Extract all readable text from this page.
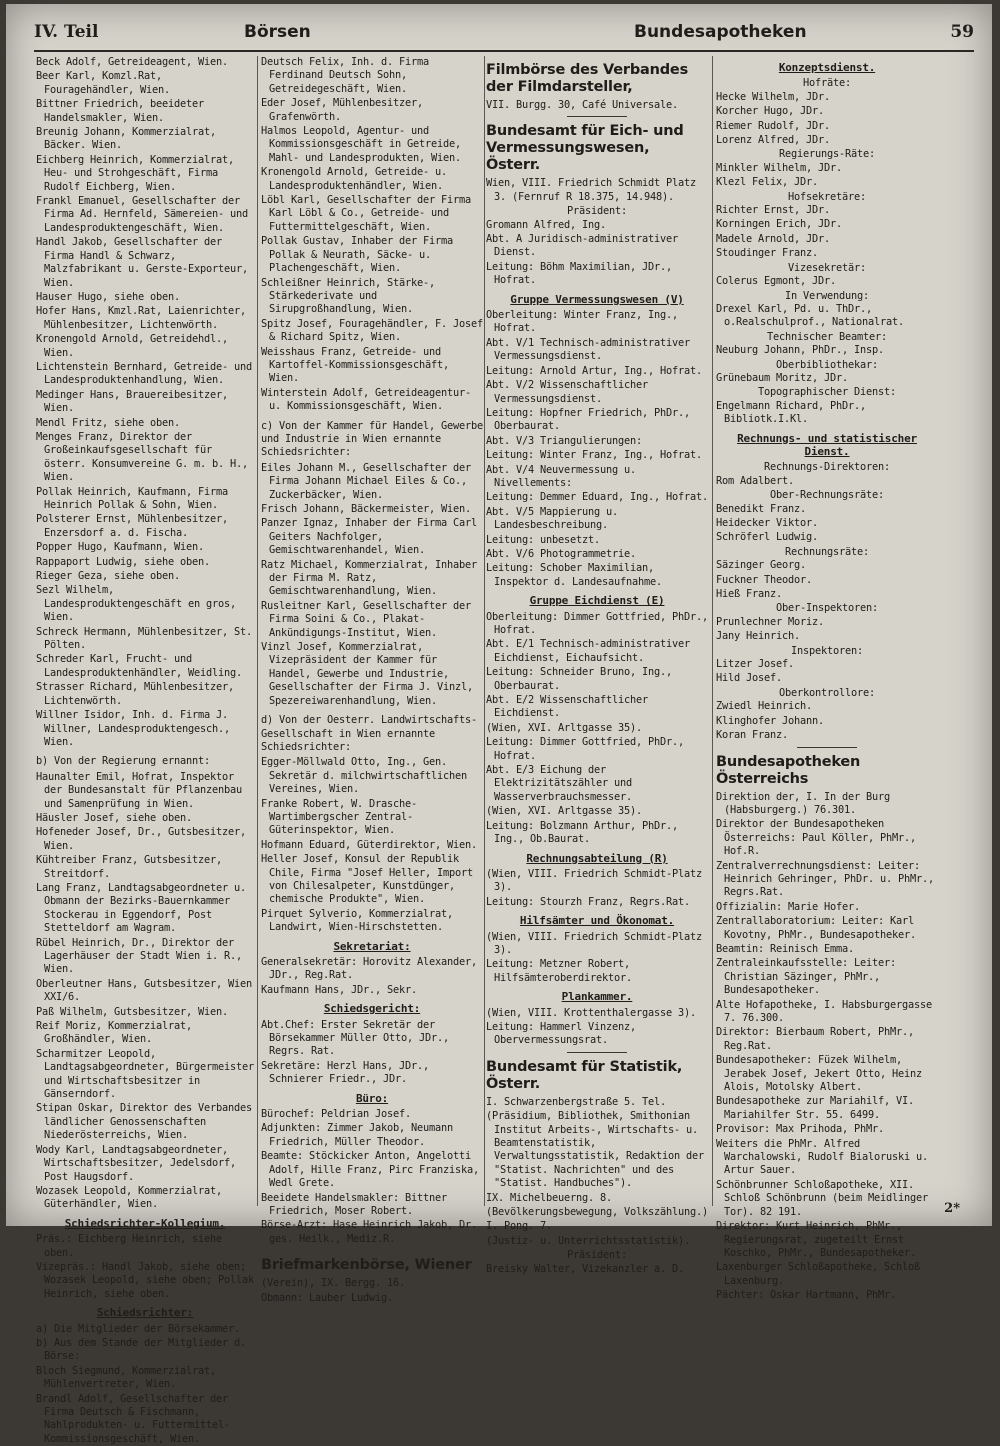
IV. Teil	Börsen	Bundesapotheken	59

Beck Adolf, Getreideagent, Wien.

Beer Karl, Komzl.Rat, Fouragehändler, Wien.

Bittner Friedrich, beeideter Handelsmakler, Wien.

Breunig Johann, Kommerzialrat, Bäcker. Wien.

Eichberg Heinrich, Kommerzialrat, Heu- und Strohgeschäft, Firma Rudolf Eichberg, Wien.

Frankl Emanuel, Gesellschafter der Firma Ad. Hernfeld, Sämereien- und Landesproduktengeschäft, Wien.

Handl Jakob, Gesellschafter der Firma Handl & Schwarz, Malzfabrikant u. Gerste-Exporteur, Wien.

Hauser Hugo, siehe oben.

Hofer Hans, Kmzl.Rat, Laienrichter, Mühlenbesitzer, Lichtenwörth.

Kronengold Arnold, Getreidehdl., Wien.

Lichtenstein Bernhard, Getreide- und Landesproduktenhandlung, Wien.

Medinger Hans, Brauereibesitzer, Wien.

Mendl Fritz, siehe oben.

Menges Franz, Direktor der Großeinkaufsgesellschaft für österr. Konsumvereine G. m. b. H., Wien.

Pollak Heinrich, Kaufmann, Firma Heinrich Pollak & Sohn, Wien.

Polsterer Ernst, Mühlenbesitzer, Enzersdorf a. d. Fischa.

Popper Hugo, Kaufmann, Wien.

Rappaport Ludwig, siehe oben.

Rieger Geza, siehe oben.

Sezl Wilhelm, Landesproduktengeschäft en gros, Wien.

Schreck Hermann, Mühlenbesitzer, St. Pölten.

Schreder Karl, Frucht- und Landesproduktenhändler, Weidling.

Strasser Richard, Mühlenbesitzer, Lichtenwörth.

Willner Isidor, Inh. d. Firma J. Willner, Landesproduktengesch., Wien.

b) Von der Regierung ernannt:

Haunalter Emil, Hofrat, Inspektor der Bundesanstalt für Pflanzenbau und Samenprüfung in Wien.

Häusler Josef, siehe oben.

Hofeneder Josef, Dr., Gutsbesitzer, Wien.

Kühtreiber Franz, Gutsbesitzer, Streitdorf.

Lang Franz, Landtagsabgeordneter u. Obmann der Bezirks-Bauernkammer Stockerau in Eggendorf, Post Stetteldorf am Wagram.

Rübel Heinrich, Dr., Direktor der Lagerhäuser der Stadt Wien i. R., Wien.

Oberleutner Hans, Gutsbesitzer, Wien XXI/6.

Paß Wilhelm, Gutsbesitzer, Wien.

Reif Moriz, Kommerzialrat, Großhändler, Wien.

Scharmitzer Leopold, Landtagsabgeordneter, Bürgermeister und Wirtschaftsbesitzer in Gänserndorf.

Stipan Oskar, Direktor des Verbandes ländlicher Genossenschaften Niederösterreichs, Wien.

Wody Karl, Landtagsabgeordneter, Wirtschaftsbesitzer, Jedelsdorf, Post Haugsdorf.

Wozasek Leopold, Kommerzialrat, Güterhändler, Wien.

Schiedsrichter-Kollegium.

Präs.: Eichberg Heinrich, siehe oben.

Vizepräs.: Handl Jakob, siehe oben; Wozasek Leopold, siehe oben; Pollak Heinrich, siehe oben.

Schiedsrichter:

a) Die Mitglieder der Börsekammer.

b) Aus dem Stande der Mitglieder d. Börse:

Bloch Siegmund, Kommerzialrat, Mühlenvertreter, Wien.

Brandl Adolf, Gesellschafter der Firma Deutsch & Fischmann, Nahlprodukten- u. Futtermittel-Kommissionsgeschäft, Wien.

Deutsch Felix, Inh. d. Firma Ferdinand Deutsch Sohn, Getreidegeschäft, Wien.

Eder Josef, Mühlenbesitzer, Grafenwörth.

Halmos Leopold, Agentur- und Kommissionsgeschäft in Getreide, Mahl- und Landesprodukten, Wien.

Kronengold Arnold, Getreide- u. Landesproduktenhändler, Wien.

Löbl Karl, Gesellschafter der Firma Karl Löbl & Co., Getreide- und Futtermittelgeschäft, Wien.

Pollak Gustav, Inhaber der Firma Pollak & Neurath, Säcke- u. Plachengeschäft, Wien.

Schleißner Heinrich, Stärke-, Stärkederivate und Sirupgroßhandlung, Wien.

Spitz Josef, Fouragehändler, F. Josef & Richard Spitz, Wien.

Weisshaus Franz, Getreide- und Kartoffel-Kommissionsgeschäft, Wien.

Winterstein Adolf, Getreideagentur- u. Kommissionsgeschäft, Wien.

c) Von der Kammer für Handel, Gewerbe und Industrie in Wien ernannte Schiedsrichter:

Eiles Johann M., Gesellschafter der Firma Johann Michael Eiles & Co., Zuckerbäcker, Wien.

Frisch Johann, Bäckermeister, Wien.

Panzer Ignaz, Inhaber der Firma Carl Geiters Nachfolger, Gemischtwarenhandel, Wien.

Ratz Michael, Kommerzialrat, Inhaber der Firma M. Ratz, Gemischtwarenhandlung, Wien.

Rusleitner Karl, Gesellschafter der Firma Soini & Co., Plakat-Ankündigungs-Institut, Wien.

Vinzl Josef, Kommerzialrat, Vizepräsident der Kammer für Handel, Gewerbe und Industrie, Gesellschafter der Firma J. Vinzl, Spezereiwarenhandlung, Wien.

d) Von der Oesterr. Landwirtschafts-Gesellschaft in Wien ernannte Schiedsrichter:

Egger-Möllwald Otto, Ing., Gen. Sekretär d. milchwirtschaftlichen Vereines, Wien.

Franke Robert, W. Drasche-Wartimbergscher Zentral-Güterinspektor, Wien.

Hofmann Eduard, Güterdirektor, Wien.

Heller Josef, Konsul der Republik Chile, Firma "Josef Heller, Import von Chilesalpeter, Kunstdünger, chemische Produkte", Wien.

Pirquet Sylverio, Kommerzialrat, Landwirt, Wien-Hirschstetten.

Sekretariat:

Generalsekretär: Horovitz Alexander, JDr., Reg.Rat.

Kaufmann Hans, JDr., Sekr.

Schiedsgericht:

Abt.Chef: Erster Sekretär der Börsekammer Müller Otto, JDr., Regrs. Rat.

Sekretäre: Herzl Hans, JDr., Schnierer Friedr., JDr.

Büro:

Bürochef: Peldrian Josef.

Adjunkten: Zimmer Jakob, Neumann Friedrich, Müller Theodor.

Beamte: Stöckicker Anton, Angelotti Adolf, Hille Franz, Pirc Franziska, Wedl Grete.

Beeidete Handelsmakler: Bittner Friedrich, Moser Robert.

Börse-Arzt: Hase Heinrich Jakob, Dr. ges. Heilk., Mediz.R.

Briefmarkenbörse, Wiener

(Verein), IX. Bergg. 16.

Obmann: Lauber Ludwig.

Filmbörse des Verbandes der Filmdarsteller,

VII. Burgg. 30, Café Universale.

Bundesamt für Eich- und Vermessungswesen, Österr.

Wien, VIII. Friedrich Schmidt Platz 3. (Fernruf R 18.375, 14.948).

Präsident:

Gromann Alfred, Ing.

Abt. A Juridisch-administrativer Dienst.

Leitung: Böhm Maximilian, JDr., Hofrat.

Gruppe Vermessungswesen (V)

Oberleitung: Winter Franz, Ing., Hofrat.

Abt. V/1 Technisch-administrativer Vermessungsdienst.

Leitung: Arnold Artur, Ing., Hofrat.

Abt. V/2 Wissenschaftlicher Vermessungsdienst.

Leitung: Hopfner Friedrich, PhDr., Oberbaurat.

Abt. V/3 Triangulierungen:

Leitung: Winter Franz, Ing., Hofrat.

Abt. V/4 Neuvermessung u. Nivellements:

Leitung: Demmer Eduard, Ing., Hofrat.

Abt. V/5 Mappierung u. Landesbeschreibung.

Leitung: unbesetzt.

Abt. V/6 Photogrammetrie.

Leitung: Schober Maximilian, Inspektor d. Landesaufnahme.

Gruppe Eichdienst (E)

Oberleitung: Dimmer Gottfried, PhDr., Hofrat.

Abt. E/1 Technisch-administrativer Eichdienst, Eichaufsicht.

Leitung: Schneider Bruno, Ing., Oberbaurat.

Abt. E/2 Wissenschaftlicher Eichdienst.

(Wien, XVI. Arltgasse 35).

Leitung: Dimmer Gottfried, PhDr., Hofrat.

Abt. E/3 Eichung der Elektrizitätszähler und Wasserverbrauchsmesser.

(Wien, XVI. Arltgasse 35).

Leitung: Bolzmann Arthur, PhDr., Ing., Ob.Baurat.

Rechnungsabteilung (R)

(Wien, VIII. Friedrich Schmidt-Platz 3).

Leitung: Stourzh Franz, Regrs.Rat.

Hilfsämter und Ökonomat.

(Wien, VIII. Friedrich Schmidt-Platz 3).

Leitung: Metzner Robert, Hilfsämteroberdirektor.

Plankammer.

(Wien, VIII. Krottenthalergasse 3).

Leitung: Hammerl Vinzenz, Obervermessungsrat.

Bundesamt für Statistik, Österr.

I. Schwarzenbergstraße 5. Tel.

(Präsidium, Bibliothek, Smithonian Institut Arbeits-, Wirtschafts- u. Beamtenstatistik, Verwaltungsstatistik, Redaktion der "Statist. Nachrichten" und des "Statist. Handbuches").

IX. Michelbeuerng. 8.

(Bevölkerungsbewegung, Volkszählung.)

I. Pong. 7.

(Justiz- u. Unterrichtsstatistik).

Präsident:

Breisky Walter, Vizekanzler a. D.

Konzeptsdienst.
Hofräte:

Hecke Wilhelm, JDr.

Korcher Hugo, JDr.

Riemer Rudolf, JDr.

Lorenz Alfred, JDr.

Regierungs-Räte:

Minkler Wilhelm, JDr.

Klezl Felix, JDr.

Hofsekretäre:

Richter Ernst, JDr.

Korningen Erich, JDr.

Madele Arnold, JDr.

Stoudinger Franz.

Vizesekretär:

Colerus Egmont, JDr.

In Verwendung:

Drexel Karl, Pd. u. ThDr., o.Realschulprof., Nationalrat.

Technischer Beamter:

Neuburg Johann, PhDr., Insp.

Oberbibliothekar:

Grünebaum Moritz, JDr.

Topographischer Dienst:

Engelmann Richard, PhDr., Bibliotk.I.Kl.

Rechnungs- und statistischer Dienst.
Rechnungs-Direktoren:

Rom Adalbert.

Ober-Rechnungsräte:

Benedikt Franz.

Heidecker Viktor.

Schröferl Ludwig.

Rechnungsräte:

Säzinger Georg.

Fuckner Theodor.

Hieß Franz.

Ober-Inspektoren:

Prunlechner Moriz.

Jany Heinrich.

Inspektoren:

Litzer Josef.

Hild Josef.

Oberkontrollore:

Zwiedl Heinrich.

Klinghofer Johann.

Koran Franz.

Bundesapotheken Österreichs

Direktion der, I. In der Burg (Habsburgerg.) 76.301.

Direktor der Bundesapotheken Österreichs: Paul Köller, PhMr., Hof.R.

Zentralverrechnungsdienst: Leiter: Heinrich Gehringer, PhDr. u. PhMr., Regrs.Rat.

Offizialin: Marie Hofer.

Zentrallaboratorium: Leiter: Karl Kovotny, PhMr., Bundesapotheker.

Beamtin: Reinisch Emma.

Zentraleinkaufsstelle: Leiter: Christian Säzinger, PhMr., Bundesapotheker.

Alte Hofapotheke, I. Habsburgergasse 7. 76.300.

Direktor: Bierbaum Robert, PhMr., Reg.Rat.

Bundesapotheker: Füzek Wilhelm, Jerabek Josef, Jekert Otto, Heinz Alois, Motolsky Albert.

Bundesapotheke zur Mariahilf, VI. Mariahilfer Str. 55. 6499.

Provisor: Max Prihoda, PhMr.

Weiters die PhMr. Alfred Warchalowski, Rudolf Bialoruski u. Artur Sauer.

Schönbrunner Schloßapotheke, XII. Schloß Schönbrunn (beim Meidlinger Tor). 82 191.

Direktor: Kurt Heinrich, PhMr., Regierungsrat, zugeteilt Ernst Koschko, PhMr., Bundesapotheker.

Laxenburger Schloßapotheke, Schloß Laxenburg.

Pächter: Oskar Hartmann, PhMr.

2*
